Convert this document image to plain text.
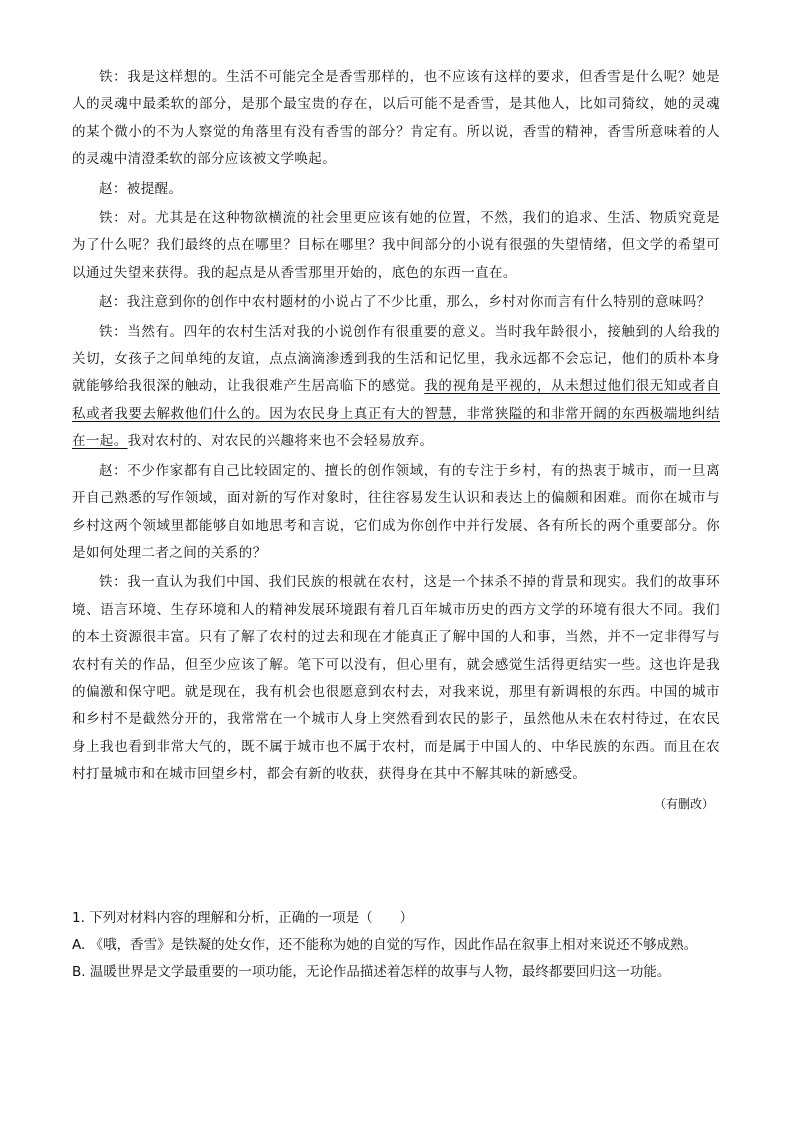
铁：我是这样想的。生活不可能完全是香雪那样的，也不应该有这样的要求，但香雪是什么呢？她是人的灵魂中最柔软的部分，是那个最宝贵的存在，以后可能不是香雪，是其他人，比如司猗纹，她的灵魂的某个微小的不为人察觉的角落里有没有香雪的部分？肯定有。所以说，香雪的精神，香雪所意味着的人的灵魂中清澄柔软的部分应该被文学唤起。

赵：被提醒。

铁：对。尤其是在这种物欲横流的社会里更应该有她的位置，不然，我们的追求、生活、物质究竟是为了什么呢？我们最终的点在哪里？目标在哪里？我中间部分的小说有很强的失望情绪，但文学的希望可以通过失望来获得。我的起点是从香雪那里开始的，底色的东西一直在。

赵：我注意到你的创作中农村题材的小说占了不少比重，那么，乡村对你而言有什么特别的意味吗？

铁：当然有。四年的农村生活对我的小说创作有很重要的意义。当时我年龄很小，接触到的人给我的关切，女孩子之间单纯的友谊，点点滴滴渗透到我的生活和记忆里，我永远都不会忘记，他们的质朴本身就能够给我很深的触动，让我很难产生居高临下的感觉。我的视角是平视的，从未想过他们很无知或者自私或者我要去解救他们什么的。因为农民身上真正有大的智慧，非常狭隘的和非常开阔的东西极端地纠结在一起。我对农村的、对农民的兴趣将来也不会轻易放弃。

赵：不少作家都有自己比较固定的、擅长的创作领域，有的专注于乡村，有的热衷于城市，而一旦离开自己熟悉的写作领域，面对新的写作对象时，往往容易发生认识和表达上的偏颇和困难。而你在城市与乡村这两个领域里都能够自如地思考和言说，它们成为你创作中并行发展、各有所长的两个重要部分。你是如何处理二者之间的关系的？

铁：我一直认为我们中国、我们民族的根就在农村，这是一个抹杀不掉的背景和现实。我们的故事环境、语言环境、生存环境和人的精神发展环境跟有着几百年城市历史的西方文学的环境有很大不同。我们的本土资源很丰富。只有了解了农村的过去和现在才能真正了解中国的人和事，当然，并不一定非得写与农村有关的作品，但至少应该了解。笔下可以没有，但心里有，就会感觉生活得更结实一些。这也许是我的偏激和保守吧。就是现在，我有机会也很愿意到农村去，对我来说，那里有新调根的东西。中国的城市和乡村不是截然分开的，我常常在一个城市人身上突然看到农民的影子，虽然他从未在农村待过，在农民身上我也看到非常大气的，既不属于城市也不属于农村，而是属于中国人的、中华民族的东西。而且在农村打量城市和在城市回望乡村，都会有新的收获，获得身在其中不解其味的新感受。

（有删改）

1. 下列对材料内容的理解和分析，正确的一项是（　　）

A. 《哦，香雪》是铁凝的处女作，还不能称为她的自觉的写作，因此作品在叙事上相对来说还不够成熟。

B. 温暖世界是文学最重要的一项功能，无论作品描述着怎样的故事与人物，最终都要回归这一功能。
